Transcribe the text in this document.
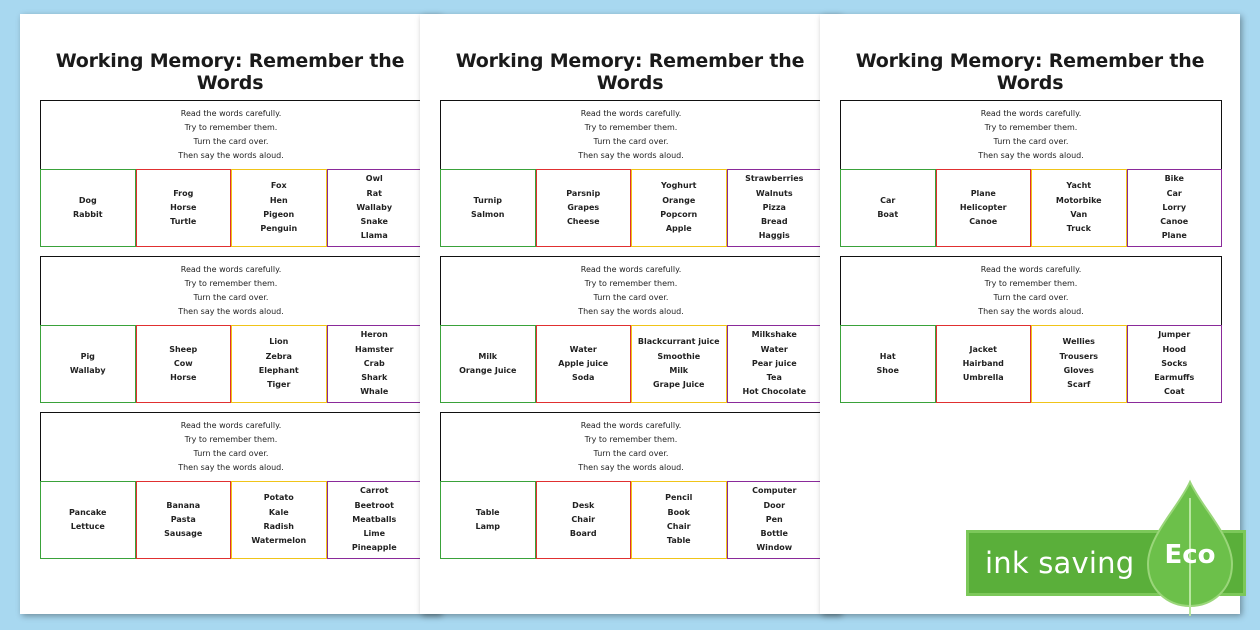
Working Memory: Remember the Words
Read the words carefully.
Try to remember them.
Turn the card over.
Then say the words aloud.
Dog
Rabbit
Frog
Horse
Turtle
Fox
Hen
Pigeon
Penguin
Owl
Rat
Wallaby
Snake
Llama
Read the words carefully.
Try to remember them.
Turn the card over.
Then say the words aloud.
Pig
Wallaby
Sheep
Cow
Horse
Lion
Zebra
Elephant
Tiger
Heron
Hamster
Crab
Shark
Whale
Read the words carefully.
Try to remember them.
Turn the card over.
Then say the words aloud.
Pancake
Lettuce
Banana
Pasta
Sausage
Potato
Kale
Radish
Watermelon
Carrot
Beetroot
Meatballs
Lime
Pineapple
Working Memory: Remember the Words
Read the words carefully.
Try to remember them.
Turn the card over.
Then say the words aloud.
Turnip
Salmon
Parsnip
Grapes
Cheese
Yoghurt
Orange
Popcorn
Apple
Strawberries
Walnuts
Pizza
Bread
Haggis
Read the words carefully.
Try to remember them.
Turn the card over.
Then say the words aloud.
Milk
Orange Juice
Water
Apple juice
Soda
Blackcurrant juice
Smoothie
Milk
Grape Juice
Milkshake
Water
Pear juice
Tea
Hot Chocolate
Read the words carefully.
Try to remember them.
Turn the card over.
Then say the words aloud.
Table
Lamp
Desk
Chair
Board
Pencil
Book
Chair
Table
Computer
Door
Pen
Bottle
Window
Working Memory: Remember the Words
Read the words carefully.
Try to remember them.
Turn the card over.
Then say the words aloud.
Car
Boat
Plane
Helicopter
Canoe
Yacht
Motorbike
Van
Truck
Bike
Car
Lorry
Canoe
Plane
Read the words carefully.
Try to remember them.
Turn the card over.
Then say the words aloud.
Hat
Shoe
Jacket
Hairband
Umbrella
Wellies
Trousers
Gloves
Scarf
Jumper
Hood
Socks
Earmuffs
Coat
ink saving Eco
